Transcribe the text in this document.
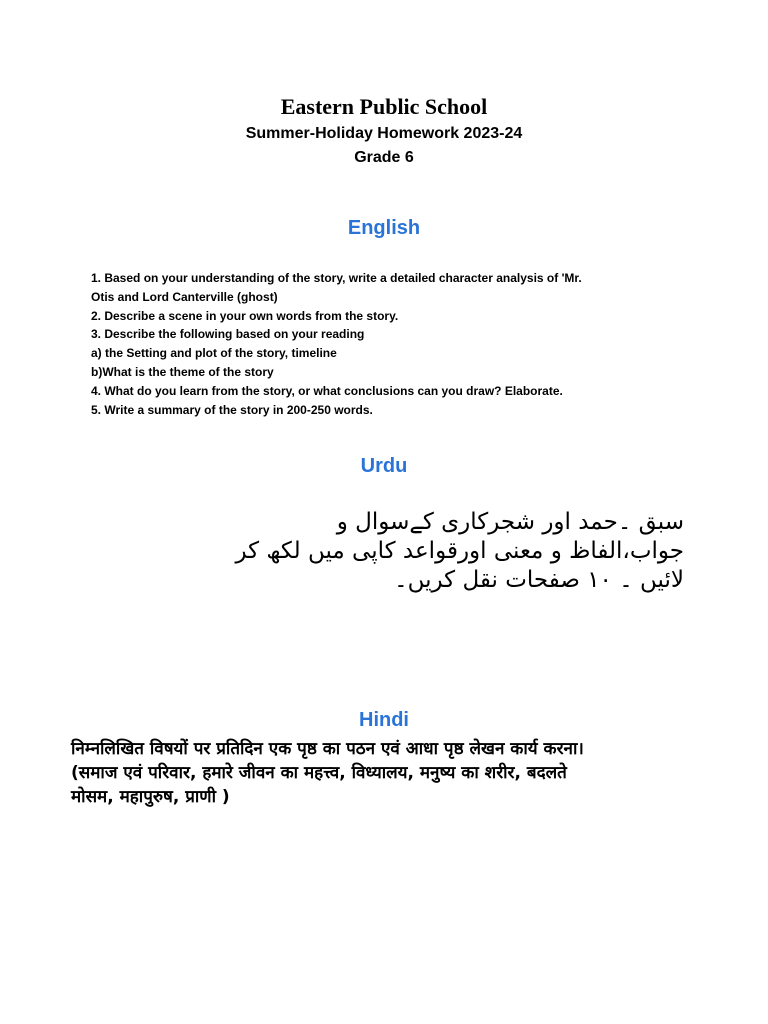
Eastern Public School
Summer-Holiday Homework 2023-24
Grade 6
English
1. Based on your understanding of the story, write a detailed character analysis of 'Mr.
Otis and Lord Canterville (ghost)
2. Describe a scene in your own words from the story.
3. Describe the following based on your reading
a) the Setting and plot of the story, timeline
b)What is the theme of the story
4. What do you learn from the story, or what conclusions can you draw? Elaborate.
5. Write a summary of the story in 200-250 words.
Urdu
سبق ۔حمد اور شجرکاری کےسوال و
جواب،الفاظ و معنی اورقواعد کاپی میں لکھ کر
لائیں ۔ ۱۰ صفحات نقل کریں۔
Hindi
निम्नलिखित विषयों पर प्रतिदिन एक पृष्ठ का पठन एवं आधा पृष्ठ लेखन कार्य करना।
(समाज एवं परिवार, हमारे जीवन का महत्त्व, विध्यालय, मनुष्य का शरीर, बदलते
मोसम, महापुरुष, प्राणी )
